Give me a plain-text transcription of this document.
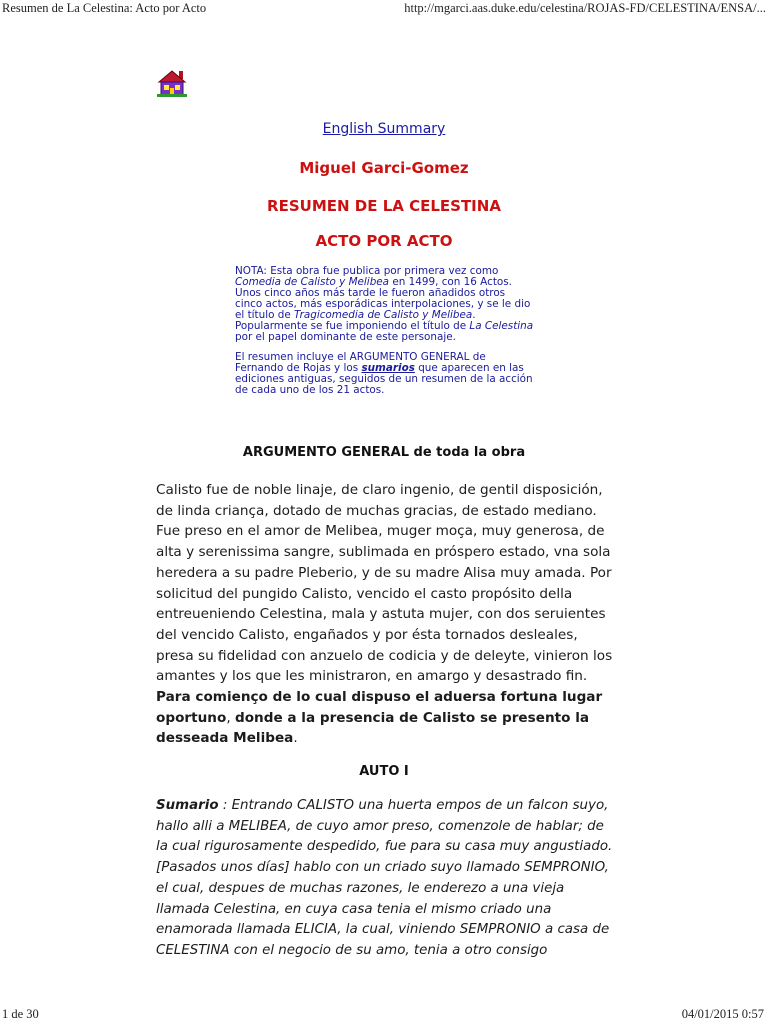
Resumen de La Celestina: Acto por Acto	http://mgarci.aas.duke.edu/celestina/ROJAS-FD/CELESTINA/ENSA/...
English Summary
Miguel Garci-Gomez
RESUMEN DE LA CELESTINA
ACTO POR ACTO
NOTA: Esta obra fue publica por primera vez como Comedia de Calisto y Melibea en 1499, con 16 Actos. Unos cinco años más tarde le fueron añadidos otros cinco actos, más esporádicas interpolaciones, y se le dio el título de Tragicomedia de Calisto y Melibea. Popularmente se fue imponiendo el título de La Celestina por el papel dominante de este personaje.
El resumen incluye el ARGUMENTO GENERAL de Fernando de Rojas y los sumarios que aparecen en las ediciones antiguas, seguidos de un resumen de la acción de cada uno de los 21 actos.
ARGUMENTO GENERAL de toda la obra

Calisto fue de noble linaje, de claro ingenio, de gentil disposición, de linda criança, dotado de muchas gracias, de estado mediano. Fue preso en el amor de Melibea, muger moça, muy generosa, de alta y serenissima sangre, sublimada en próspero estado, vna sola heredera a su padre Pleberio, y de su madre Alisa muy amada. Por solicitud del pungido Calisto, vencido el casto propósito della entreueniendo Celestina, mala y astuta mujer, con dos seruientes del vencido Calisto, engañados y por ésta tornados desleales, presa su fidelidad con anzuelo de codicia y de deleyte, vinieron los amantes y los que les ministraron, en amargo y desastrado fin. Para comienço de lo cual dispuso el aduersa fortuna lugar oportuno, donde a la presencia de Calisto se presento la desseada Melibea.

AUTO I

Sumario : Entrando CALISTO una huerta empos de un falcon suyo, hallo alli a MELIBEA, de cuyo amor preso, comenzole de hablar; de la cual rigurosamente despedido, fue para su casa muy angustiado. [Pasados unos días] hablo con un criado suyo llamado SEMPRONIO, el cual, despues de muchas razones, le enderezo a una vieja llamada Celestina, en cuya casa tenia el mismo criado una enamorada llamada ELICIA, la cual, viniendo SEMPRONIO a casa de CELESTINA con el negocio de su amo, tenia a otro consigo

1 de 30	04/01/2015 0:57
